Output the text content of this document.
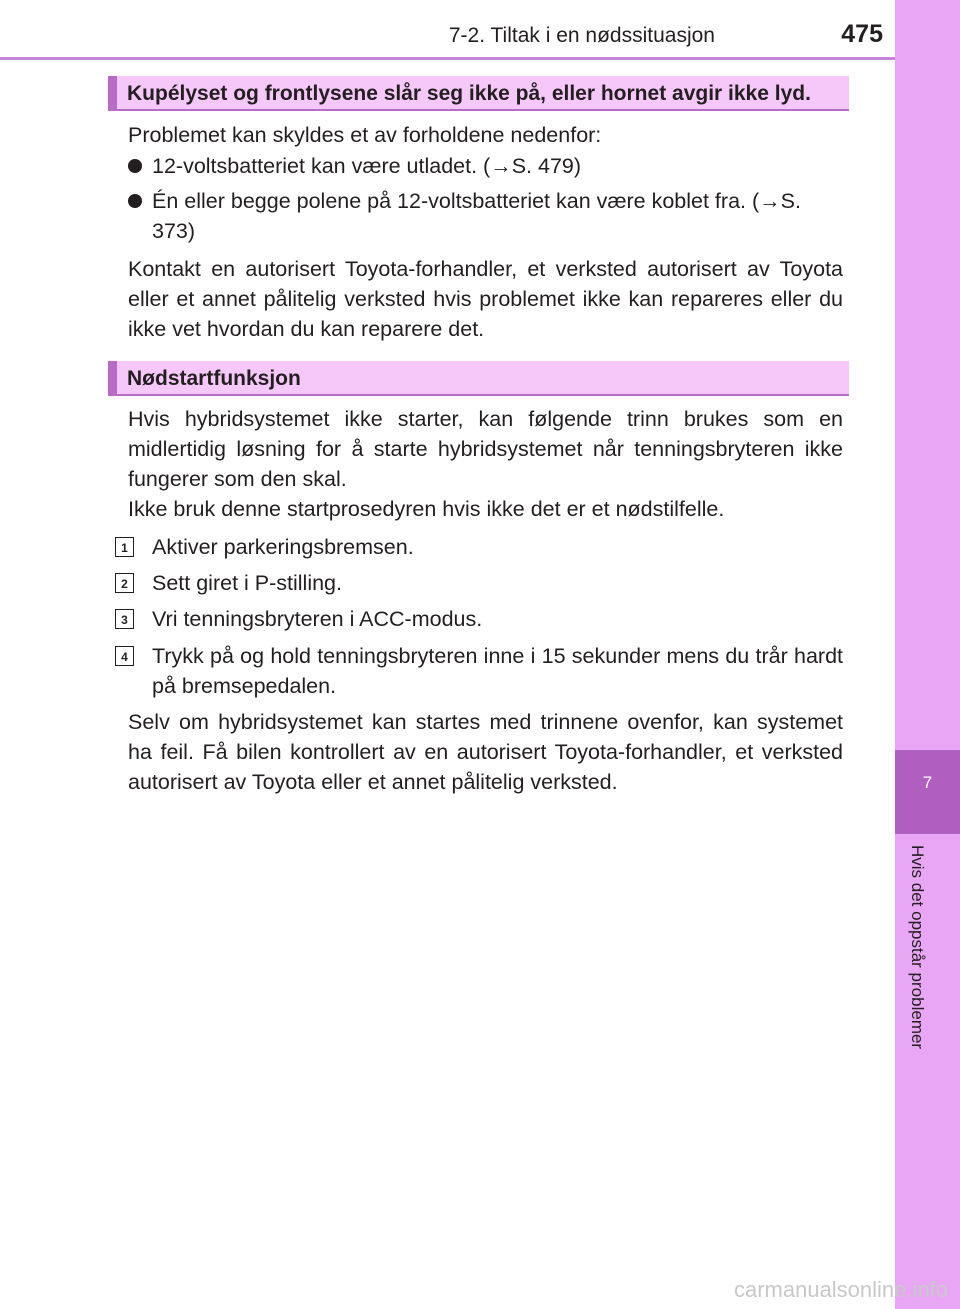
7-2. Tiltak i en nødssituasjon	475
7
Hvis det oppstår problemer
Kupélyset og frontlysene slår seg ikke på, eller hornet avgir ikke lyd.
Problemet kan skyldes et av forholdene nedenfor:
12-voltsbatteriet kan være utladet. (→S. 479)
Én eller begge polene på 12-voltsbatteriet kan være koblet fra. (→S. 373)
Kontakt en autorisert Toyota-forhandler, et verksted autorisert av Toyota eller et annet pålitelig verksted hvis problemet ikke kan repareres eller du ikke vet hvordan du kan reparere det.
Nødstartfunksjon
Hvis hybridsystemet ikke starter, kan følgende trinn brukes som en midlertidig løsning for å starte hybridsystemet når tenningsbryteren ikke fungerer som den skal.
Ikke bruk denne startprosedyren hvis ikke det er et nødstilfelle.
1	Aktiver parkeringsbremsen.
2	Sett giret i P-stilling.
3	Vri tenningsbryteren i ACC-modus.
4	Trykk på og hold tenningsbryteren inne i 15 sekunder mens du trår hardt på bremsepedalen.
Selv om hybridsystemet kan startes med trinnene ovenfor, kan systemet ha feil. Få bilen kontrollert av en autorisert Toyota-forhandler, et verksted autorisert av Toyota eller et annet pålitelig verksted.
carmanualsonline.info
